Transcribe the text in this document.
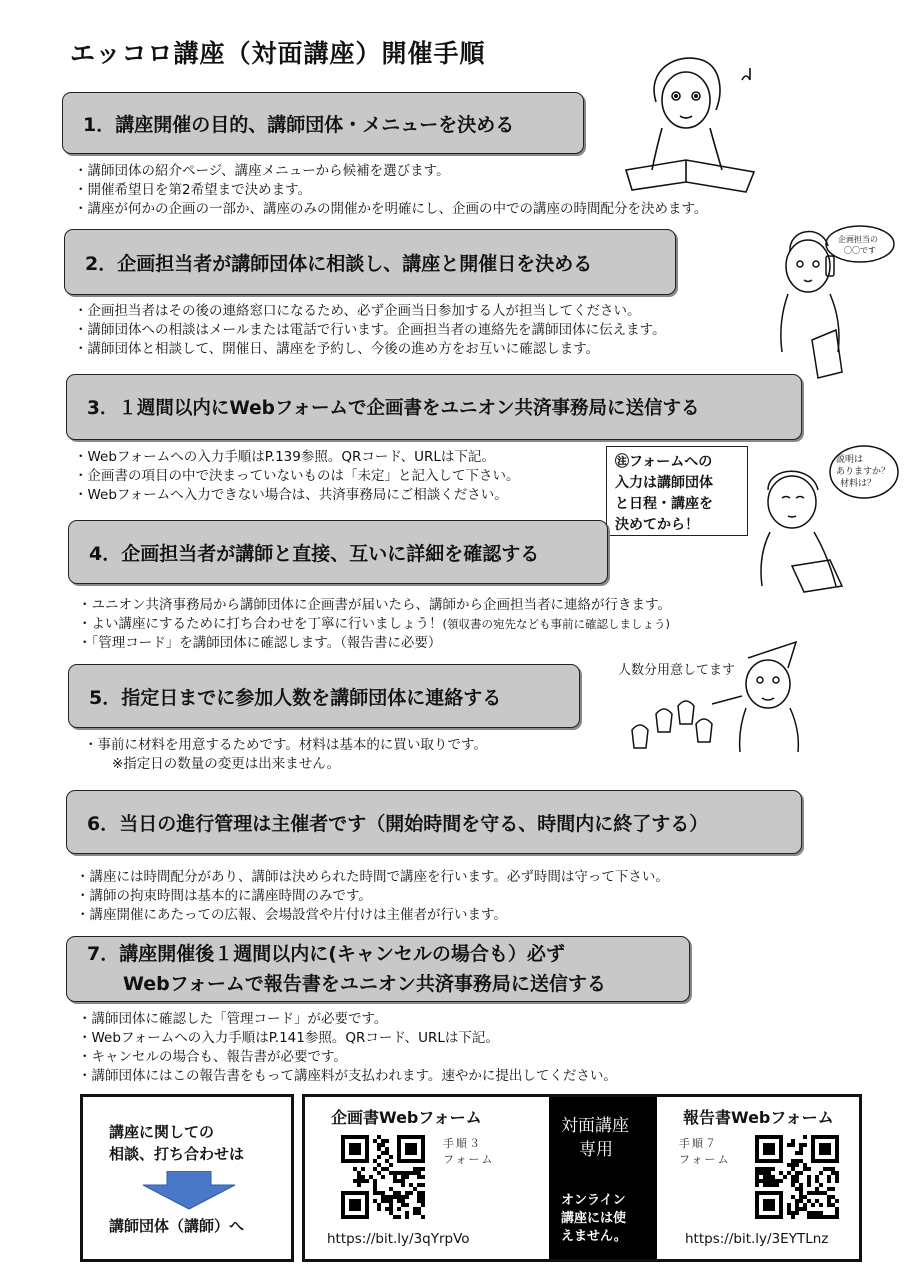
エッコロ講座（対面講座）開催手順
1．講座開催の目的、講師団体・メニューを決める
・講師団体の紹介ページ、講座メニューから候補を選びます。
・開催希望日を第2希望まで決めます。
・講座が何かの企画の一部か、講座のみの開催かを明確にし、企画の中での講座の時間配分を決めます。
2．企画担当者が講師団体に相談し、講座と開催日を決める
・企画担当者はその後の連絡窓口になるため、必ず企画当日参加する人が担当してください。
・講師団体への相談はメールまたは電話で行います。企画担当者の連絡先を講師団体に伝えます。
・講師団体と相談して、開催日、講座を予約し、今後の進め方をお互いに確認します。
3．１週間以内にWebフォームで企画書をユニオン共済事務局に送信する
・Webフォームへの入力手順はP.139参照。QRコード、URLは下記。
・企画書の項目の中で決まっていないものは「未定」と記入して下さい。
・Webフォームへ入力できない場合は、共済事務局にご相談ください。
㊟フォームへの
入力は講師団体
と日程・講座を
決めてから！
4．企画担当者が講師と直接、互いに詳細を確認する
・ユニオン共済事務局から講師団体に企画書が届いたら、講師から企画担当者に連絡が行きます。
・よい講座にするために打ち合わせを丁寧に行いましょう！(領収書の宛先なども事前に確認しましょう)
・「管理コード」を講師団体に確認します。（報告書に必要）
5．指定日までに参加人数を講師団体に連絡する
・事前に材料を用意するためです。材料は基本的に買い取りです。
※指定日の数量の変更は出来ません。
6．当日の進行管理は主催者です（開始時間を守る、時間内に終了する）
・講座には時間配分があり、講師は決められた時間で講座を行います。必ず時間は守って下さい。
・講師の拘束時間は基本的に講座時間のみです。
・講座開催にあたっての広報、会場設営や片付けは主催者が行います。
7．講座開催後１週間以内に(キャンセルの場合も）必ず
Webフォームで報告書をユニオン共済事務局に送信する
・講師団体に確認した「管理コード」が必要です。
・Webフォームへの入力手順はP.141参照。QRコード、URLは下記。
・キャンセルの場合も、報告書が必要です。
・講師団体にはこの報告書をもって講座料が支払われます。速やかに提出してください。
講座に関しての
相談、打ち合わせは
講師団体（講師）へ
企画書Webフォーム
手順３
フォーム
https://bit.ly/3qYrpVo
対面講座
専用
オンライン
講座には使
えません。
報告書Webフォーム
手順７
フォーム
https://bit.ly/3EYTLnz
企画担当の
〇〇です
説明は
ありますか？
材料は？
人数分用意してます
